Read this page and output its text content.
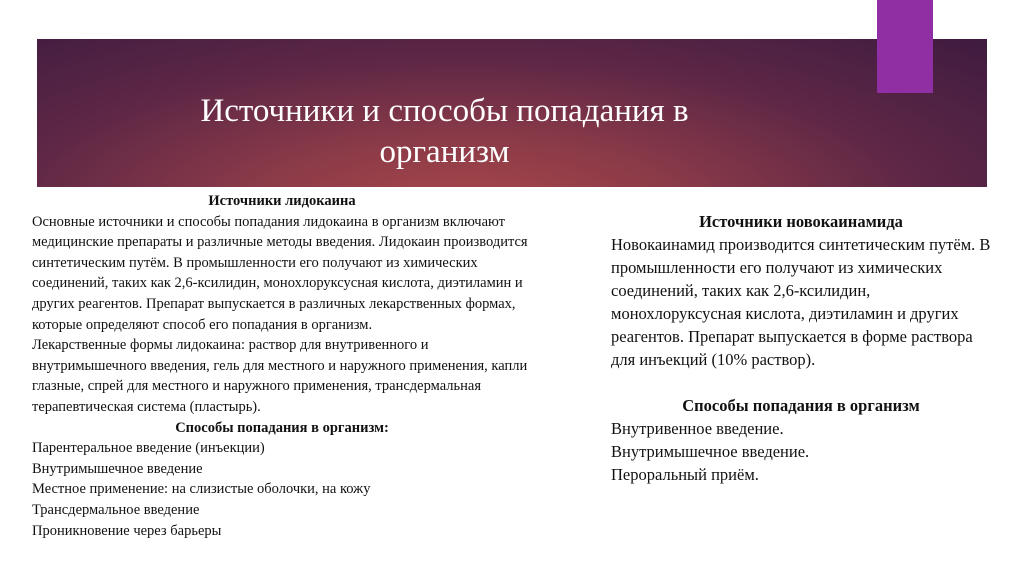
Источники и способы попадания в организм
Источники лидокаина
Основные источники и способы попадания лидокаина в организм включают медицинские препараты и различные методы введения. Лидокаин производится синтетическим путём. В промышленности его получают из химических соединений, таких как 2,6-ксилидин, монохлоруксусная кислота, диэтиламин и других реагентов. Препарат выпускается в различных лекарственных формах, которые определяют способ его попадания в организм.
Лекарственные формы лидокаина: раствор для внутривенного и внутримышечного введения, гель для местного и наружного применения, капли глазные, спрей для местного и наружного применения, трансдермальная терапевтическая система (пластырь).
Способы попадания в организм:
Парентеральное введение (инъекции)
Внутримышечное введение
Местное применение: на слизистые оболочки, на кожу
Трансдермальное введение
Проникновение через барьеры
Источники новокаинамида
Новокаинамид производится синтетическим путём. В промышленности его получают из химических соединений, таких как 2,6-ксилидин, монохлоруксусная кислота, диэтиламин и других реагентов. Препарат выпускается в форме раствора для инъекций (10% раствор).
Способы попадания в организм
Внутривенное введение.
Внутримышечное введение.
Пероральный приём.
